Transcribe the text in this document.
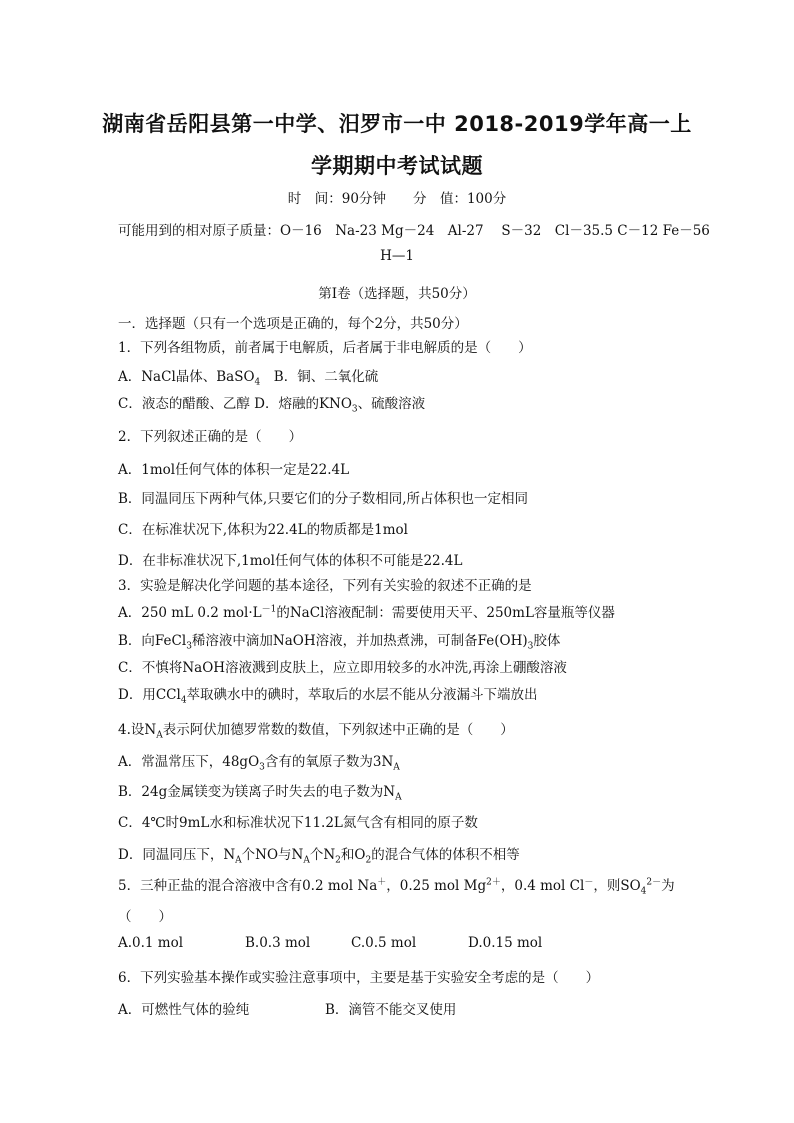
湖南省岳阳县第一中学、汨罗市一中 2018-2019学年高一上
学期期中考试试题
时　间：90分钟　　分　值：100分
可能用到的相对原子质量：O－16　Na-23 Mg－24　Al-27　 S－32　Cl－35.5 C－12 Fe－56
H—1
第Ⅰ卷（选择题，共50分）
一．选择题（只有一个选项是正确的，每个2分，共50分）
1．下列各组物质，前者属于电解质，后者属于非电解质的是（　　）
A．NaCl晶体、BaSO$_4$　B．铜、二氧化硫
C．液态的醋酸、乙醇 D．熔融的$KNO_3$、硫酸溶液
2．下列叙述正确的是（　　）
A．1mol任何气体的体积一定是22.4L
B．同温同压下两种气体,只要它们的分子数相同,所占体积也一定相同
C．在标准状况下,体积为22.4L的物质都是1mol
D．在非标准状况下,1mol任何气体的体积不可能是22.4L
3．实验是解决化学问题的基本途径，下列有关实验的叙述不正确的是
A．250 mL 0.2 $mol\cdot L^{-1}$的NaCl溶液配制：需要使用天平、250mL容量瓶等仪器
B．向FeCl$_3$稀溶液中滴加NaOH溶液，并加热煮沸，可制备$Fe(OH)_3$胶体
C．不慎将NaOH溶液溅到皮肤上，应立即用较多的水冲洗,再涂上硼酸溶液
D．用CCl$_4$萃取碘水中的碘时，萃取后的水层不能从分液漏斗下端放出
4.设$N_A$表示阿伏加德罗常数的数值，下列叙述中正确的是（　　）
A．常温常压下，$48gO_3$含有的氧原子数为$3N_A$
B．24g金属镁变为镁离子时失去的电子数为$N_A$
C．4℃时9mL水和标准状况下11.2L氮气含有相同的原子数
D．同温同压下，$N_A$个NO与$N_A$个$N_2$和$O_2$的混合气体的体积不相等
5．三种正盐的混合溶液中含有0.2 mol Na＋，0.25 mol $Mg^{2+}$，0.4 mol Cl－，则$SO_4^{2-}$为
（　　）
A.0.1 mol	B.0.3 mol	C.0.5 mol	D.0.15 mol
6．下列实验基本操作或实验注意事项中，主要是基于实验安全考虑的是（　　）
A．可燃性气体的验纯	B．滴管不能交叉使用
